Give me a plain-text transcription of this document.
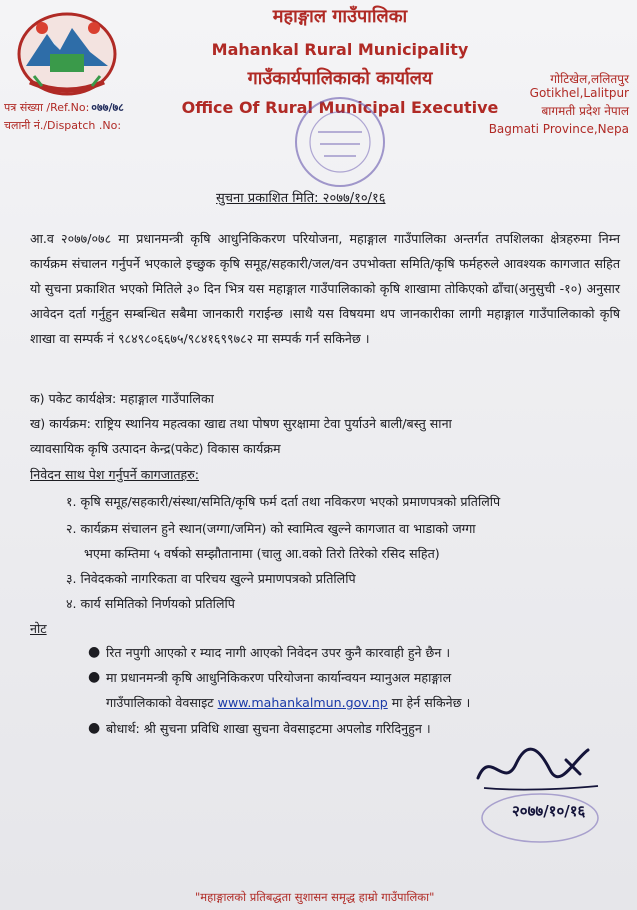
महाङ्गाल गाउँपालिका
Mahankal Rural Municipality
गाउँकार्यपालिकाको कार्यालय
Office Of Rural Municipal Executive
गोटिखेल,ललितपुर
Gotikhel,Lalitpur
बागमती प्रदेश नेपाल
Bagmati Province,Nepa
पत्र संख्या /Ref.No: ०७७/७८
चलानी नं./Dispatch .No:
सुचना प्रकाशित मिति: २०७७/१०/१६
आ.व २०७७/०७८ मा प्रधानमन्त्री कृषि आधुनिकिकरण परियोजना, महाङ्गाल गाउँपालिका अन्तर्गत तपशिलका क्षेत्रहरुमा निम्न कार्यक्रम संचालन गर्नुपर्ने भएकाले इच्छुक कृषि समूह/सहकारी/जल/वन उपभोक्ता समिति/कृषि फर्महरुले आवश्यक कागजात सहित यो सुचना प्रकाशित भएको मितिले ३० दिन भित्र यस महाङ्गाल गाउँपालिकाको कृषि शाखामा तोकिएको ढाँचा(अनुसुची -१०) अनुसार आवेदन दर्ता गर्नुहुन सम्बन्धित सबैमा जानकारी गराईन्छ ।साथै यस विषयमा थप जानकारीका लागी महाङ्गाल गाउँपालिकाको कृषि शाखा वा सम्पर्क नं ९८४९८०६६७५/९८४१६९९७८२ मा सम्पर्क गर्न सकिनेछ ।
क) पकेट कार्यक्षेत्र: महाङ्गाल गाउँपालिका
ख) कार्यक्रम: राष्ट्रिय स्थानिय महत्वका खाद्य तथा पोषण सुरक्षामा टेवा पुर्याउने बाली/बस्तु साना
व्यावसायिक कृषि उत्पादन केन्द्र(पकेट) विकास कार्यक्रम
निवेदन साथ पेश गर्नुपर्ने कागजातहरु:
१. कृषि समूह/सहकारी/संस्था/समिति/कृषि फर्म दर्ता तथा नविकरण भएको प्रमाणपत्रको प्रतिलिपि
२. कार्यक्रम संचालन हुने स्थान(जग्गा/जमिन) को स्वामित्व खुल्ने कागजात वा भाडाको जग्गा
भएमा कम्तिमा ५ वर्षको सम्झौतानामा (चालु आ.वको तिरो तिरेको रसिद सहित)
३. निवेदकको नागरिकता वा परिचय खुल्ने प्रमाणपत्रको प्रतिलिपि
४. कार्य समितिको निर्णयको प्रतिलिपि
नोट
● रित नपुगी आएको र म्याद नागी आएको निवेदन उपर कुनै कारवाही हुने छैन ।
● मा प्रधानमन्त्री कृषि आधुनिकिकरण परियोजना कार्यान्वयन म्यानुअल महाङ्गाल
गाउँपालिकाको वेवसाइट www.mahankalmun.gov.np मा हेर्न सकिनेछ ।
● बोधार्थ: श्री सुचना प्रविधि शाखा सुचना वेवसाइटमा अपलोड गरिदिनुहुन ।
२०७७/१०/१६
"महाङ्गालको प्रतिबद्धता सुशासन समृद्ध हाम्रो गाउँपालिका"
